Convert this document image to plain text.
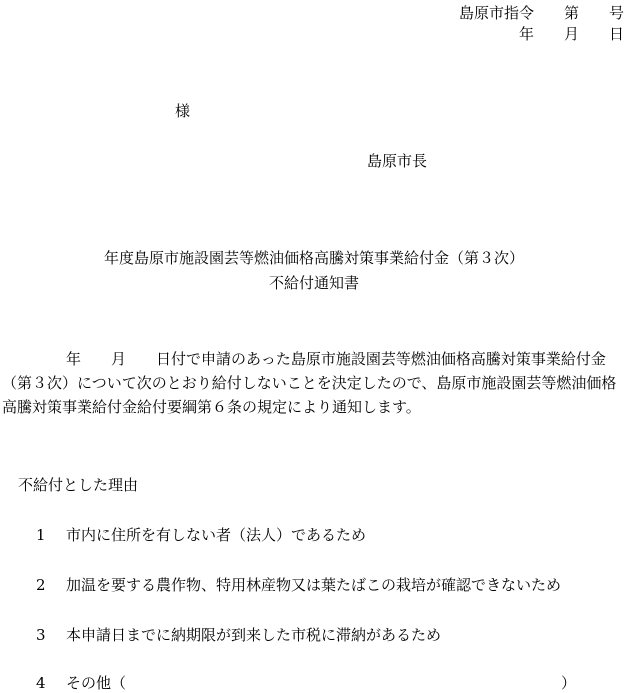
島原市指令　　第　　号
年　　月　　日
様
島原市長
年度島原市施設園芸等燃油価格高騰対策事業給付金（第３次）
不給付通知書
年　　月　　日付で申請のあった島原市施設園芸等燃油価格高騰対策事業給付金（第３次）について次のとおり給付しないことを決定したので、島原市施設園芸等燃油価格高騰対策事業給付金給付要綱第６条の規定により通知します。
不給付とした理由
1 市内に住所を有しない者（法人）であるため
2 加温を要する農作物、特用林産物又は葉たばこの栽培が確認できないため
3 本申請日までに納期限が到来した市税に滞納があるため
4 その他（	）
